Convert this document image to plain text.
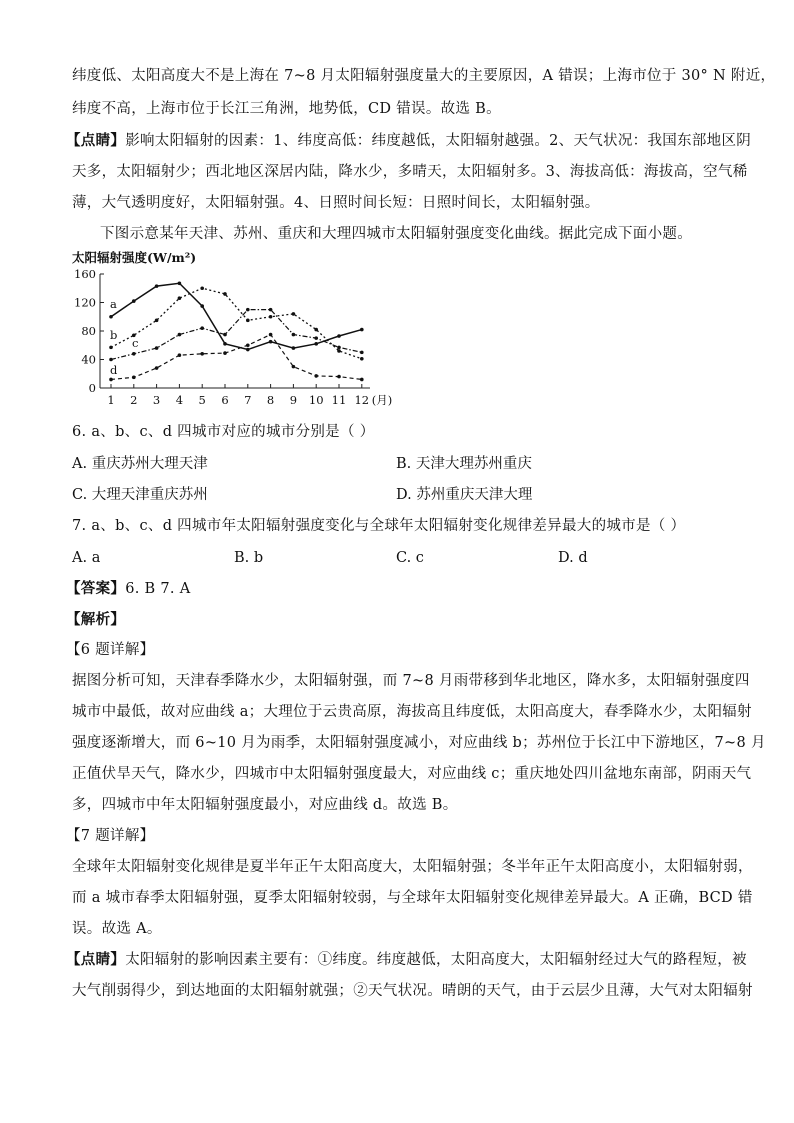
纬度低、太阳高度大不是上海在 7~8 月太阳辐射强度量大的主要原因，A 错误；上海市位于 30° N 附近，
纬度不高，上海市位于长江三角洲，地势低，CD 错误。故选 B。
【点睛】影响太阳辐射的因素：1、纬度高低：纬度越低，太阳辐射越强。2、天气状况：我国东部地区阴
天多，太阳辐射少；西北地区深居内陆，降水少，多晴天，太阳辐射多。3、海拔高低：海拔高，空气稀
薄，大气透明度好，太阳辐射强。4、日照时间长短：日照时间长，太阳辐射强。
下图示意某年天津、苏州、重庆和大理四城市太阳辐射强度变化曲线。据此完成下面小题。
太阳辐射强度(W/m²)
0
40
80
120
160
1 2 3 4 5 6 7 8 9 10 11 12 (月)
a
b
c
d
6. a、b、c、d 四城市对应的城市分别是（ ）
A. 重庆苏州大理天津	B. 天津大理苏州重庆
C. 大理天津重庆苏州	D. 苏州重庆天津大理
7. a、b、c、d 四城市年太阳辐射强度变化与全球年太阳辐射变化规律差异最大的城市是（ ）
A. a	B. b	C. c	D. d
【答案】6. B 7. A
【解析】
【6 题详解】
据图分析可知，天津春季降水少，太阳辐射强，而 7~8 月雨带移到华北地区，降水多，太阳辐射强度四
城市中最低，故对应曲线 a；大理位于云贵高原，海拔高且纬度低，太阳高度大，春季降水少，太阳辐射
强度逐渐增大，而 6~10 月为雨季，太阳辐射强度减小，对应曲线 b；苏州位于长江中下游地区，7~8 月
正值伏旱天气，降水少，四城市中太阳辐射强度最大，对应曲线 c；重庆地处四川盆地东南部，阴雨天气
多，四城市中年太阳辐射强度最小，对应曲线 d。故选 B。
【7 题详解】
全球年太阳辐射变化规律是夏半年正午太阳高度大，太阳辐射强；冬半年正午太阳高度小，太阳辐射弱，
而 a 城市春季太阳辐射强，夏季太阳辐射较弱，与全球年太阳辐射变化规律差异最大。A 正确，BCD 错
误。故选 A。
【点睛】太阳辐射的影响因素主要有：①纬度。纬度越低，太阳高度大，太阳辐射经过大气的路程短，被
大气削弱得少，到达地面的太阳辐射就强；②天气状况。晴朗的天气，由于云层少且薄，大气对太阳辐射
